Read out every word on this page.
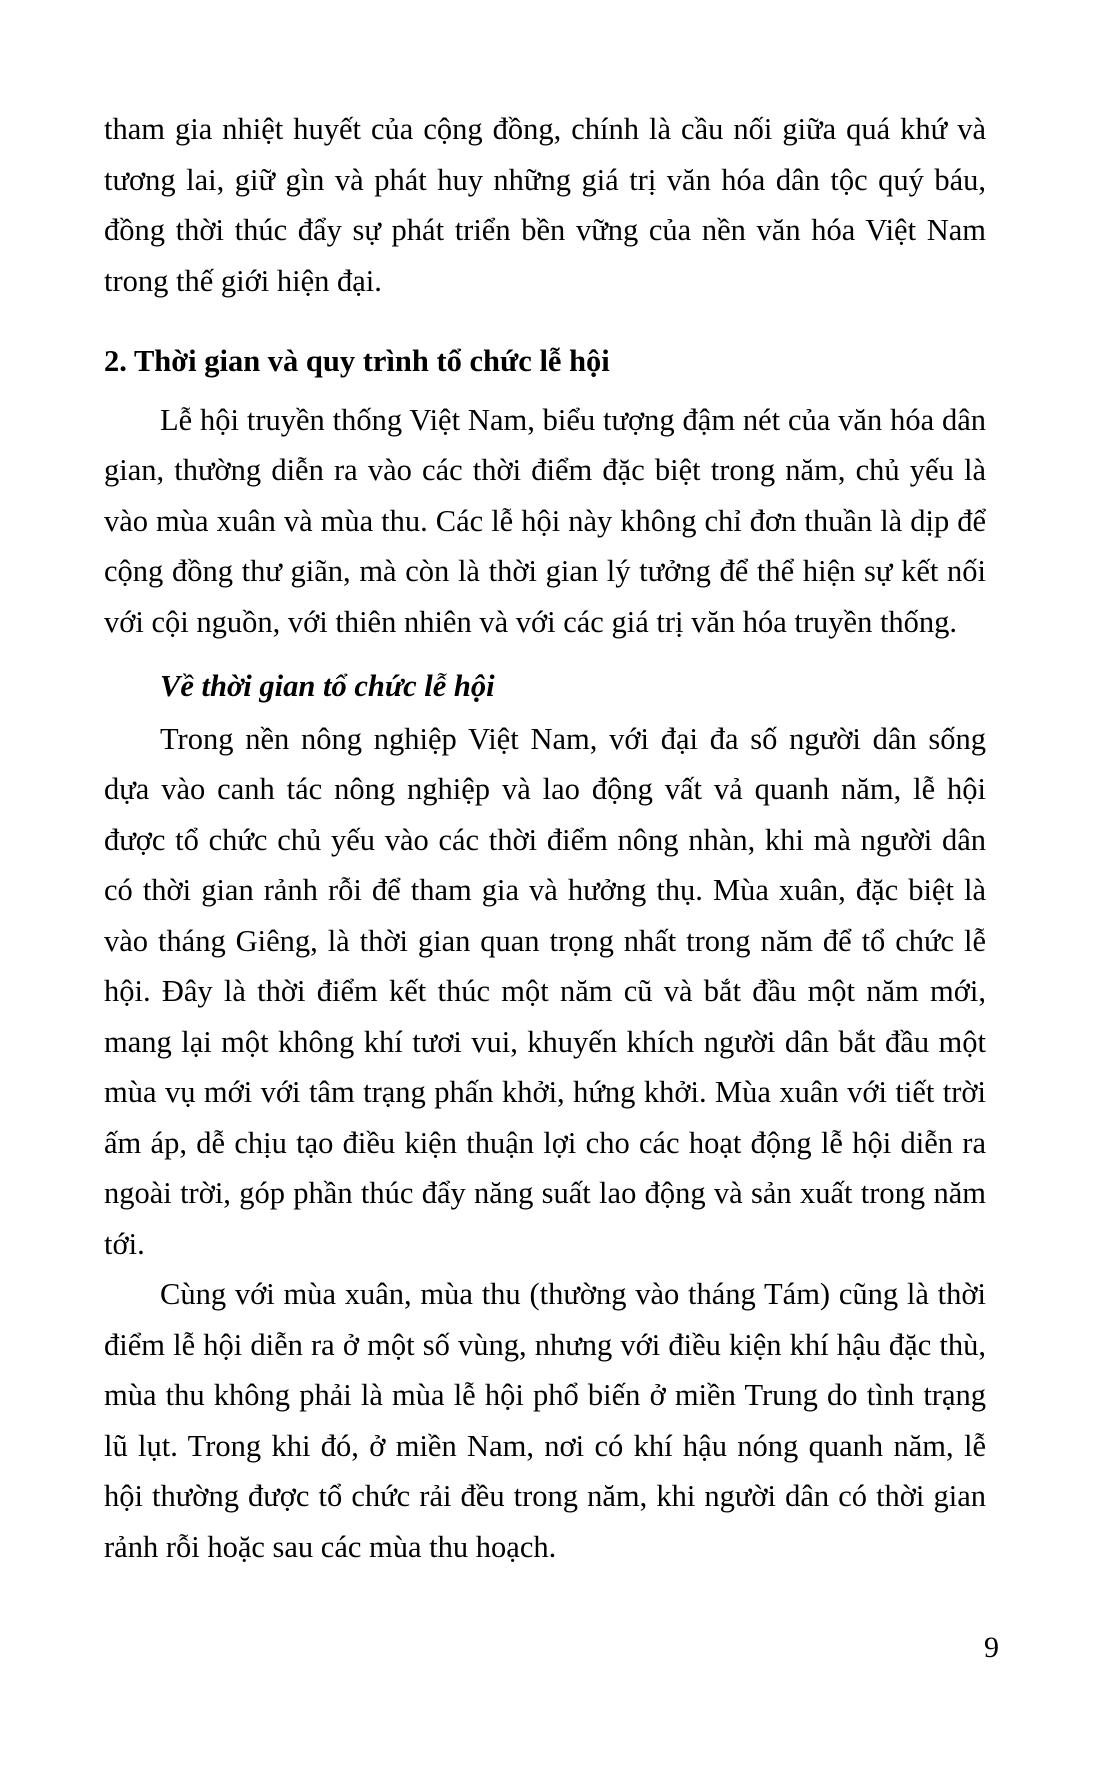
tham gia nhiệt huyết của cộng đồng, chính là cầu nối giữa quá khứ và tương lai, giữ gìn và phát huy những giá trị văn hóa dân tộc quý báu, đồng thời thúc đẩy sự phát triển bền vững của nền văn hóa Việt Nam trong thế giới hiện đại.

2. Thời gian và quy trình tổ chức lễ hội

Lễ hội truyền thống Việt Nam, biểu tượng đậm nét của văn hóa dân gian, thường diễn ra vào các thời điểm đặc biệt trong năm, chủ yếu là vào mùa xuân và mùa thu. Các lễ hội này không chỉ đơn thuần là dịp để cộng đồng thư giãn, mà còn là thời gian lý tưởng để thể hiện sự kết nối với cội nguồn, với thiên nhiên và với các giá trị văn hóa truyền thống.

Về thời gian tổ chức lễ hội

Trong nền nông nghiệp Việt Nam, với đại đa số người dân sống dựa vào canh tác nông nghiệp và lao động vất vả quanh năm, lễ hội được tổ chức chủ yếu vào các thời điểm nông nhàn, khi mà người dân có thời gian rảnh rỗi để tham gia và hưởng thụ. Mùa xuân, đặc biệt là vào tháng Giêng, là thời gian quan trọng nhất trong năm để tổ chức lễ hội. Đây là thời điểm kết thúc một năm cũ và bắt đầu một năm mới, mang lại một không khí tươi vui, khuyến khích người dân bắt đầu một mùa vụ mới với tâm trạng phấn khởi, hứng khởi. Mùa xuân với tiết trời ấm áp, dễ chịu tạo điều kiện thuận lợi cho các hoạt động lễ hội diễn ra ngoài trời, góp phần thúc đẩy năng suất lao động và sản xuất trong năm tới.

Cùng với mùa xuân, mùa thu (thường vào tháng Tám) cũng là thời điểm lễ hội diễn ra ở một số vùng, nhưng với điều kiện khí hậu đặc thù, mùa thu không phải là mùa lễ hội phổ biến ở miền Trung do tình trạng lũ lụt. Trong khi đó, ở miền Nam, nơi có khí hậu nóng quanh năm, lễ hội thường được tổ chức rải đều trong năm, khi người dân có thời gian rảnh rỗi hoặc sau các mùa thu hoạch.

9
